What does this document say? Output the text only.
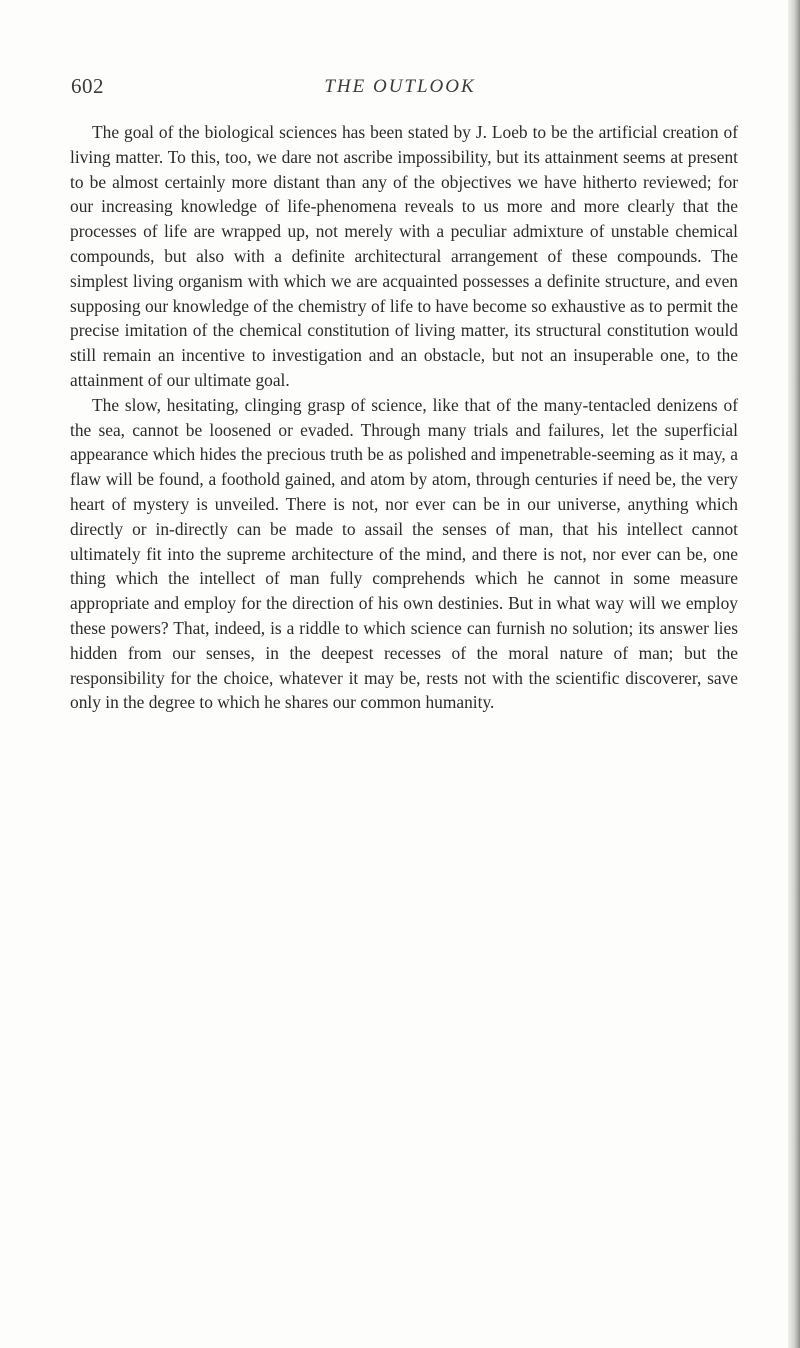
602	THE OUTLOOK

The goal of the biological sciences has been stated by J. Loeb to be the artificial creation of living matter. To this, too, we dare not ascribe impossibility, but its attainment seems at present to be almost certainly more distant than any of the objectives we have hitherto reviewed; for our increasing knowledge of life-phenomena reveals to us more and more clearly that the processes of life are wrapped up, not merely with a peculiar admixture of unstable chemical compounds, but also with a definite architectural arrangement of these compounds. The simplest living organism with which we are acquainted possesses a definite structure, and even supposing our knowledge of the chemistry of life to have become so exhaustive as to permit the precise imitation of the chemical constitution of living matter, its structural constitution would still remain an incentive to investigation and an obstacle, but not an insuperable one, to the attainment of our ultimate goal.

The slow, hesitating, clinging grasp of science, like that of the many-tentacled denizens of the sea, cannot be loosened or evaded. Through many trials and failures, let the superficial appearance which hides the precious truth be as polished and impenetrable-seeming as it may, a flaw will be found, a foothold gained, and atom by atom, through centuries if need be, the very heart of mystery is unveiled. There is not, nor ever can be in our universe, anything which directly or in-directly can be made to assail the senses of man, that his intellect cannot ultimately fit into the supreme architecture of the mind, and there is not, nor ever can be, one thing which the intellect of man fully comprehends which he cannot in some measure appropriate and employ for the direction of his own destinies. But in what way will we employ these powers? That, indeed, is a riddle to which science can furnish no solution; its answer lies hidden from our senses, in the deepest recesses of the moral nature of man; but the responsibility for the choice, whatever it may be, rests not with the scientific discoverer, save only in the degree to which he shares our common humanity.
